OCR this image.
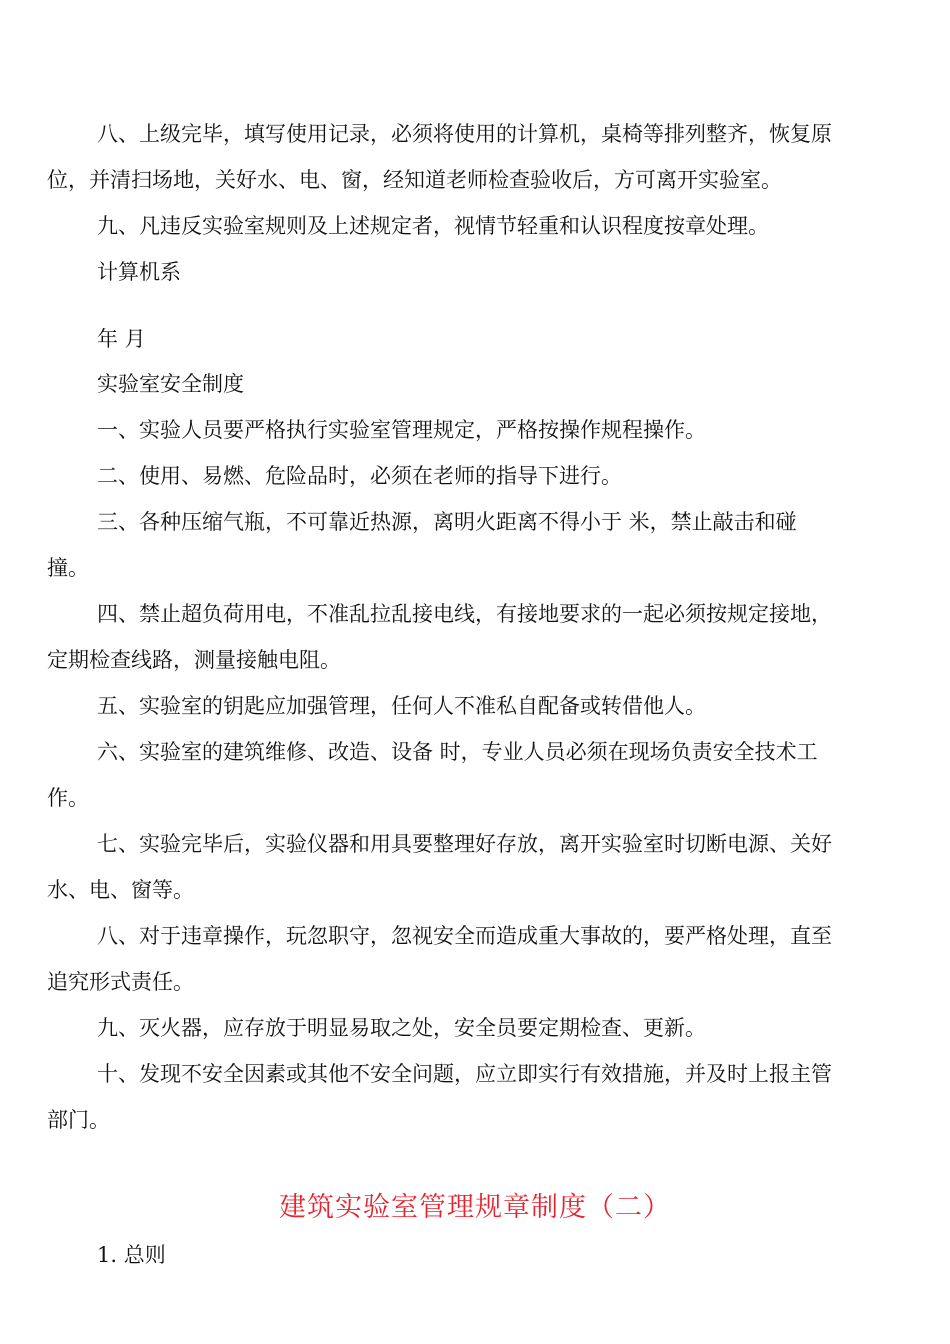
八、上级完毕，填写使用记录，必须将使用的计算机，桌椅等排列整齐，恢复原
位，并清扫场地，关好水、电、窗，经知道老师检查验收后，方可离开实验室。
九、凡违反实验室规则及上述规定者，视情节轻重和认识程度按章处理。
计算机系
年 月
实验室安全制度
一、实验人员要严格执行实验室管理规定，严格按操作规程操作。
二、使用、易燃、危险品时，必须在老师的指导下进行。
三、各种压缩气瓶，不可靠近热源，离明火距离不得小于 米，禁止敲击和碰
撞。
四、禁止超负荷用电，不准乱拉乱接电线，有接地要求的一起必须按规定接地，
定期检查线路，测量接触电阻。
五、实验室的钥匙应加强管理，任何人不准私自配备或转借他人。
六、实验室的建筑维修、改造、设备 时，专业人员必须在现场负责安全技术工
作。
七、实验完毕后，实验仪器和用具要整理好存放，离开实验室时切断电源、关好
水、电、窗等。
八、对于违章操作，玩忽职守，忽视安全而造成重大事故的，要严格处理，直至
追究形式责任。
九、灭火器，应存放于明显易取之处，安全员要定期检查、更新。
十、发现不安全因素或其他不安全问题，应立即实行有效措施，并及时上报主管
部门。
建筑实验室管理规章制度（二）
1. 总则
